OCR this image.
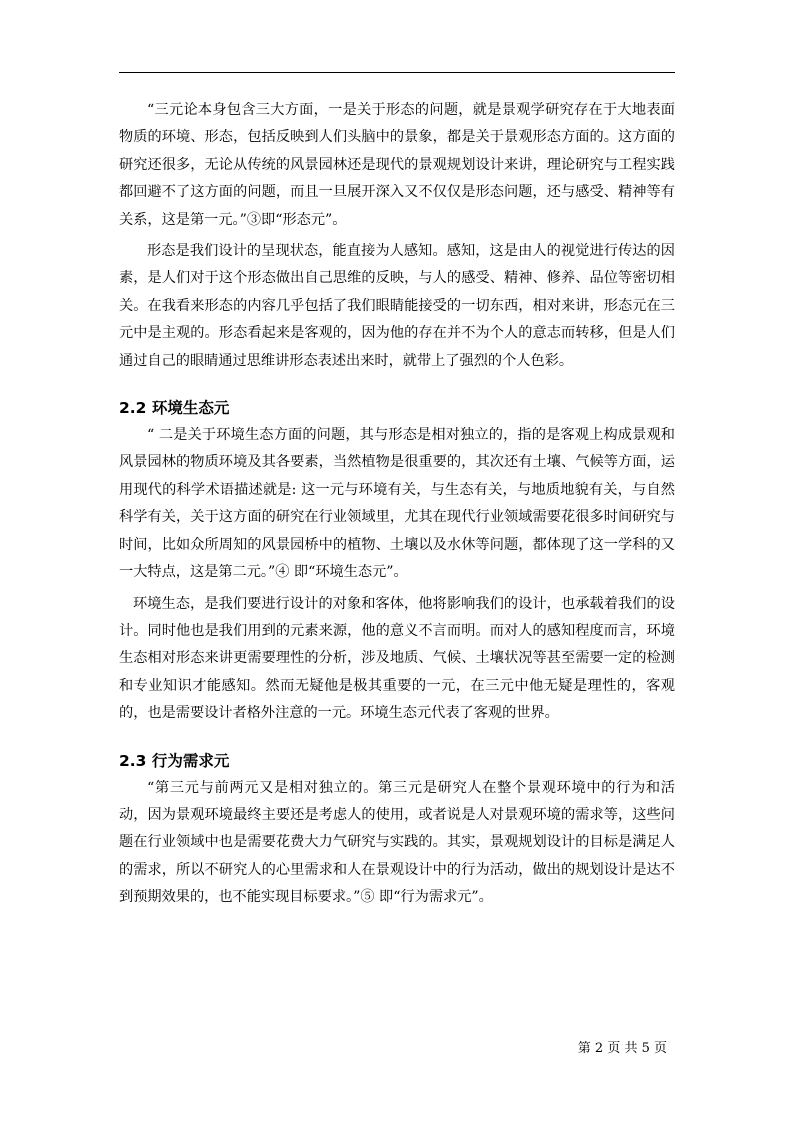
“三元论本身包含三大方面，一是关于形态的问题，就是景观学研究存在于大地表面物质的环境、形态，包括反映到人们头脑中的景象，都是关于景观形态方面的。这方面的研究还很多，无论从传统的风景园林还是现代的景观规划设计来讲，理论研究与工程实践都回避不了这方面的问题，而且一旦展开深入又不仅仅是形态问题，还与感受、精神等有关系，这是第一元。”③即“形态元”。

形态是我们设计的呈现状态，能直接为人感知。感知，这是由人的视觉进行传达的因素，是人们对于这个形态做出自己思维的反映，与人的感受、精神、修养、品位等密切相关。在我看来形态的内容几乎包括了我们眼睛能接受的一切东西，相对来讲，形态元在三元中是主观的。形态看起来是客观的，因为他的存在并不为个人的意志而转移，但是人们通过自己的眼睛通过思维讲形态表述出来时，就带上了强烈的个人色彩。

2.2 环境生态元

“ 二是关于环境生态方面的问题，其与形态是相对独立的，指的是客观上构成景观和风景园林的物质环境及其各要素，当然植物是很重要的，其次还有土壤、气候等方面，运用现代的科学术语描述就是: 这一元与环境有关，与生态有关，与地质地貌有关，与自然科学有关，关于这方面的研究在行业领域里，尤其在现代行业领域需要花很多时间研究与时间，比如众所周知的风景园桥中的植物、土壤以及水休等问题，都体现了这一学科的又一大特点，这是第二元。”④ 即“环境生态元”。

环境生态，是我们要进行设计的对象和客体，他将影响我们的设计，也承载着我们的设计。同时他也是我们用到的元素来源，他的意义不言而明。而对人的感知程度而言，环境生态相对形态来讲更需要理性的分析，涉及地质、气候、土壤状况等甚至需要一定的检测和专业知识才能感知。然而无疑他是极其重要的一元，在三元中他无疑是理性的，客观的，也是需要设计者格外注意的一元。环境生态元代表了客观的世界。

2.3 行为需求元

“第三元与前两元又是相对独立的。第三元是研究人在整个景观环境中的行为和活动，因为景观环境最终主要还是考虑人的使用，或者说是人对景观环境的需求等，这些问题在行业领域中也是需要花费大力气研究与实践的。其实，景观规划设计的目标是满足人的需求，所以不研究人的心里需求和人在景观设计中的行为活动，做出的规划设计是达不到预期效果的，也不能实现目标要求。”⑤ 即“行为需求元”。

第 2 页 共 5 页
